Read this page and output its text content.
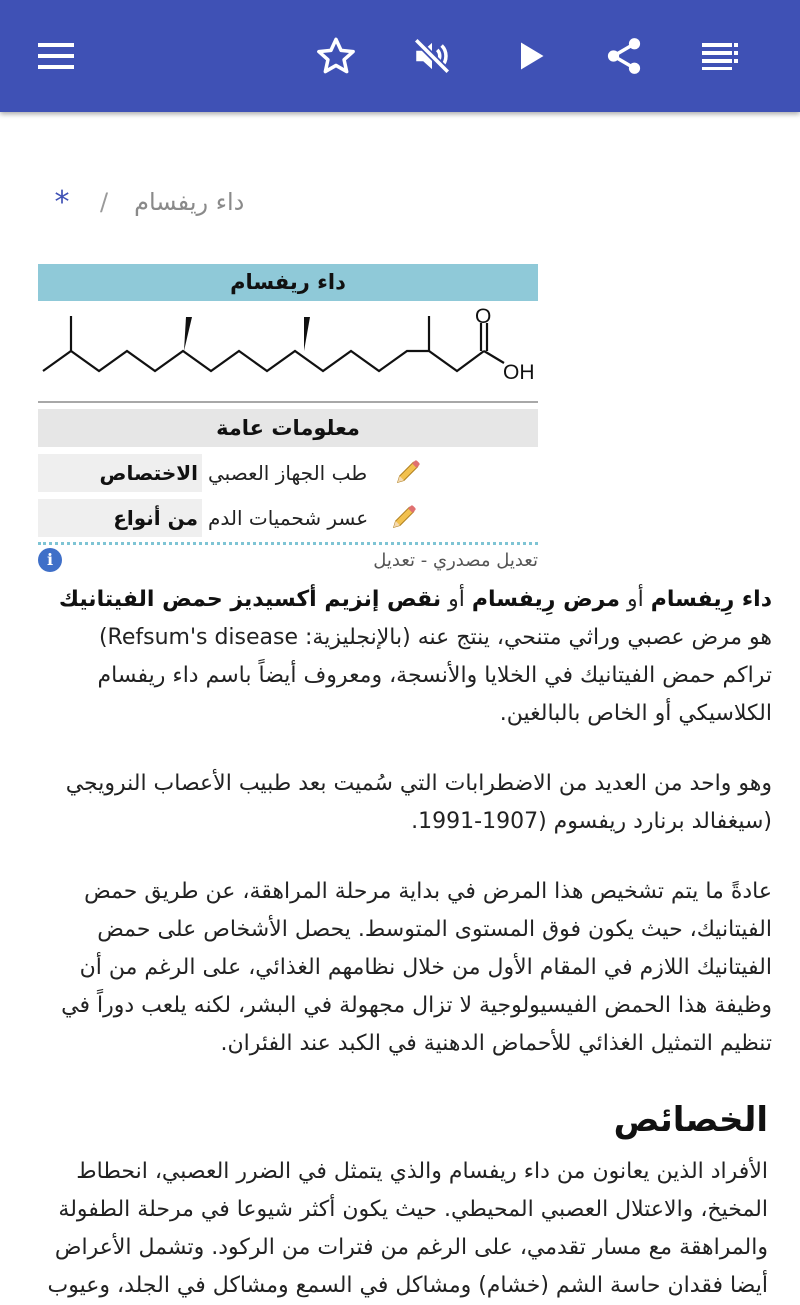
* / داء ريفسام
داء ريفسام
O
OH
معلومات عامة
الاختصاص طب الجهاز العصبي
من أنواع عسر شحميات الدم
i	تعديل مصدري - تعديل
داء رِيفسام أو مرض رِيفسام أو نقص إنزيم أكسيديز حمض الفيتانيك
هو مرض عصبي وراثي متنحي، ينتج عنه (بالإنجليزية: Refsum's disease)
تراكم حمض الفيتانيك في الخلايا والأنسجة، ومعروف أيضاً باسم داء ريفسام
الكلاسيكي أو الخاص بالبالغين.
وهو واحد من العديد من الاضطرابات التي سُميت بعد طبيب الأعصاب النرويجي
(سيغفالد برنارد ريفسوم (1907-1991.
عادةً ما يتم تشخيص هذا المرض في بداية مرحلة المراهقة، عن طريق حمض
الفيتانيك، حيث يكون فوق المستوى المتوسط. يحصل الأشخاص على حمض
الفيتانيك اللازم في المقام الأول من خلال نظامهم الغذائي، على الرغم من أن
وظيفة هذا الحمض الفيسيولوجية لا تزال مجهولة في البشر، لكنه يلعب دوراً في
تنظيم التمثيل الغذائي للأحماض الدهنية في الكبد عند الفئران.
الخصائص
الأفراد الذين يعانون من داء ريفسام والذي يتمثل في الضرر العصبي، انحطاط
المخيخ، والاعتلال العصبي المحيطي. حيث يكون أكثر شيوعا في مرحلة الطفولة
والمراهقة مع مسار تقدمي، على الرغم من فترات من الركود. وتشمل الأعراض
أيضا فقدان حاسة الشم (خشام) ومشاكل في السمع ومشاكل في الجلد، وعيوب
